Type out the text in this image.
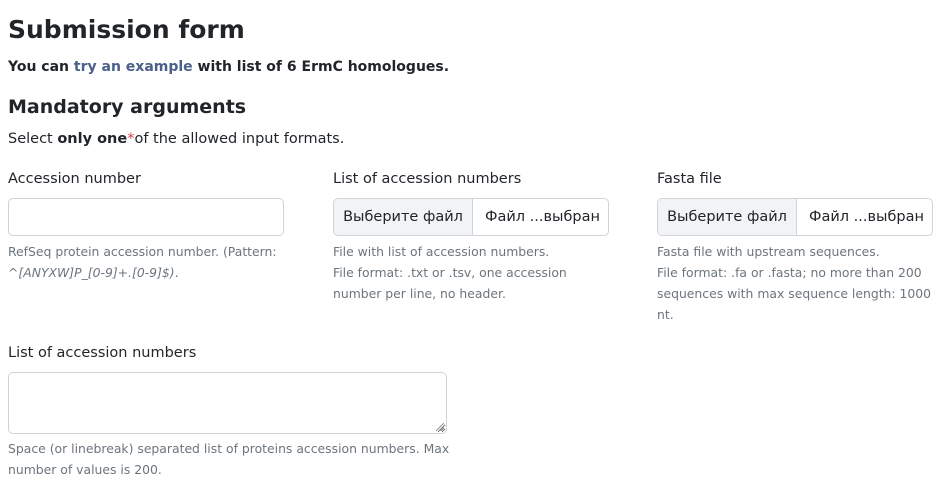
Submission form
You can try an example with list of 6 ErmC homologues.
Mandatory arguments
Select only one*of the allowed input formats.
Accession number
RefSeq protein accession number. (Pattern:
^[ANYXW]P_[0-9]+.[0-9]$).
List of accession numbers
Выберите файл	Файл ...выбран
File with list of accession numbers.
File format: .txt or .tsv, one accession
number per line, no header.
Fasta file
Выберите файл	Файл ...выбран
Fasta file with upstream sequences.
File format: .fa or .fasta; no more than 200
sequences with max sequence length: 1000
nt.
List of accession numbers
Space (or linebreak) separated list of proteins accession numbers. Max
number of values is 200.
